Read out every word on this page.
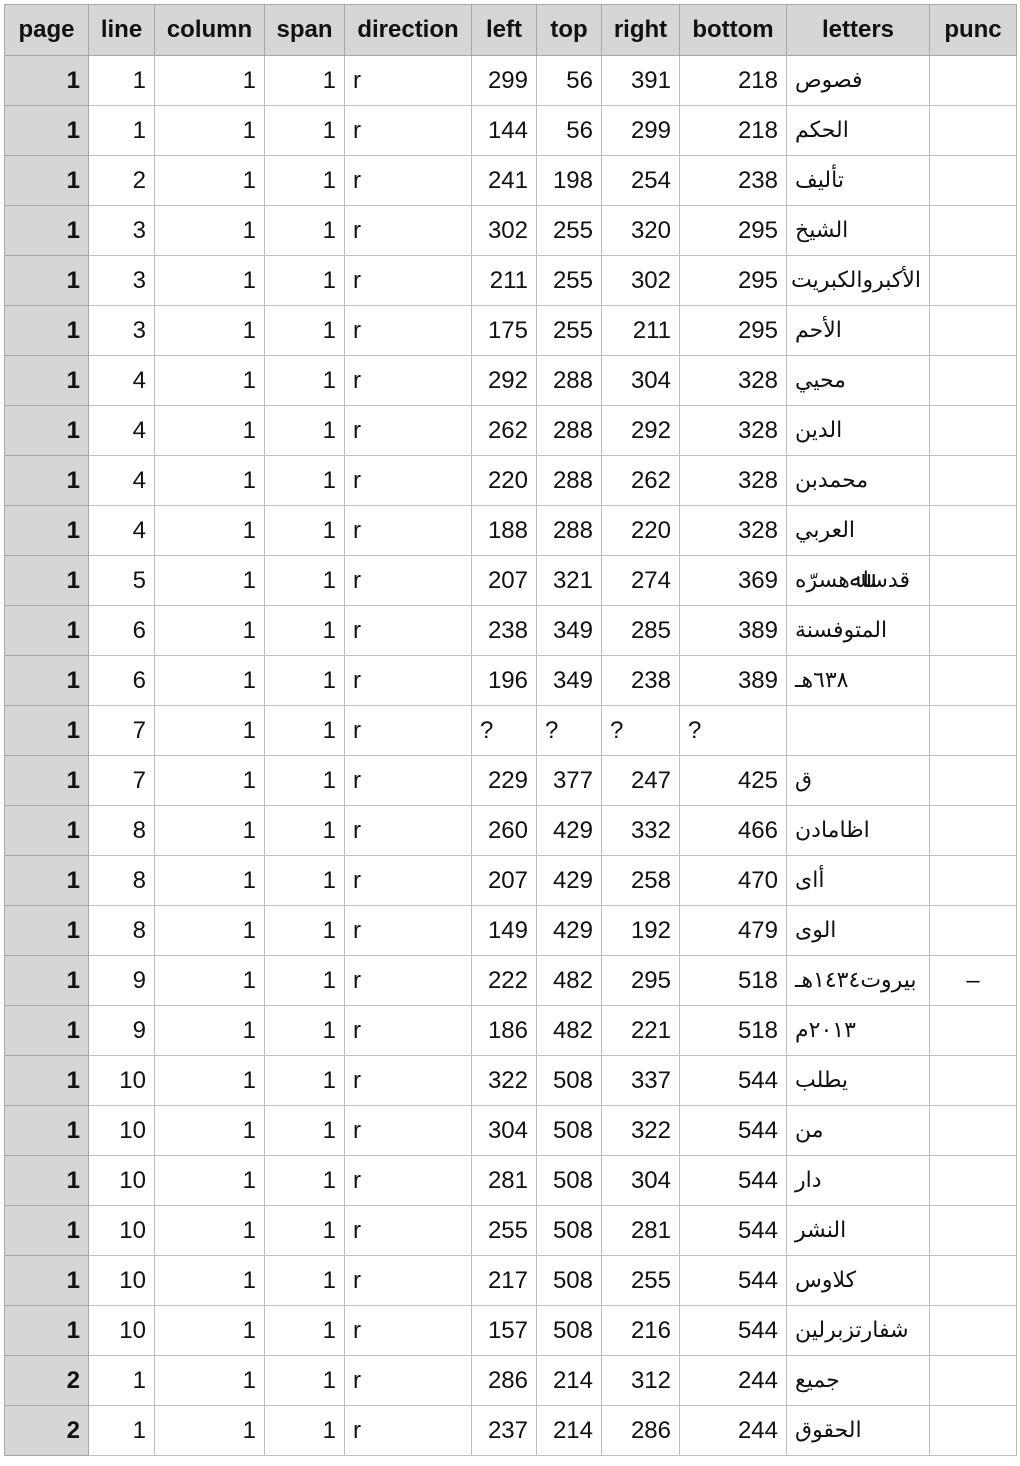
page	line	column	span	direction	left	top	right	bottom	letters	punc
1	1	1	1	r	299	56	391	218	فصوص	
1	1	1	1	r	144	56	299	218	الحكم	
1	2	1	1	r	241	198	254	238	تأليف	
1	3	1	1	r	302	255	320	295	الشيخ	
1	3	1	1	r	211	255	302	295	الأكبروالكبريت	
1	3	1	1	r	175	255	211	295	الأحم	
1	4	1	1	r	292	288	304	328	محيي	
1	4	1	1	r	262	288	292	328	الدين	
1	4	1	1	r	220	288	262	328	محمدبن	
1	4	1	1	r	188	288	220	328	العربي	
1	5	1	1	r	207	321	274	369	قدساﷲهسرّه	
1	6	1	1	r	238	349	285	389	المتوفسنة	
1	6	1	1	r	196	349	238	389	٦٣٨هـ	
1	7	1	1	r	?	?	?	?		
1	7	1	1	r	229	377	247	425	ق	
1	8	1	1	r	260	429	332	466	اظامادن	
1	8	1	1	r	207	429	258	470	أاى	
1	8	1	1	r	149	429	192	479	الوى	
1	9	1	1	r	222	482	295	518	بيروت١٤٣٤هـ	–
1	9	1	1	r	186	482	221	518	٢٠١٣م	
1	10	1	1	r	322	508	337	544	يطلب	
1	10	1	1	r	304	508	322	544	من	
1	10	1	1	r	281	508	304	544	دار	
1	10	1	1	r	255	508	281	544	النشر	
1	10	1	1	r	217	508	255	544	كلاوس	
1	10	1	1	r	157	508	216	544	شفارتزبرلين	
2	1	1	1	r	286	214	312	244	جميع	
2	1	1	1	r	237	214	286	244	الحقوق	
